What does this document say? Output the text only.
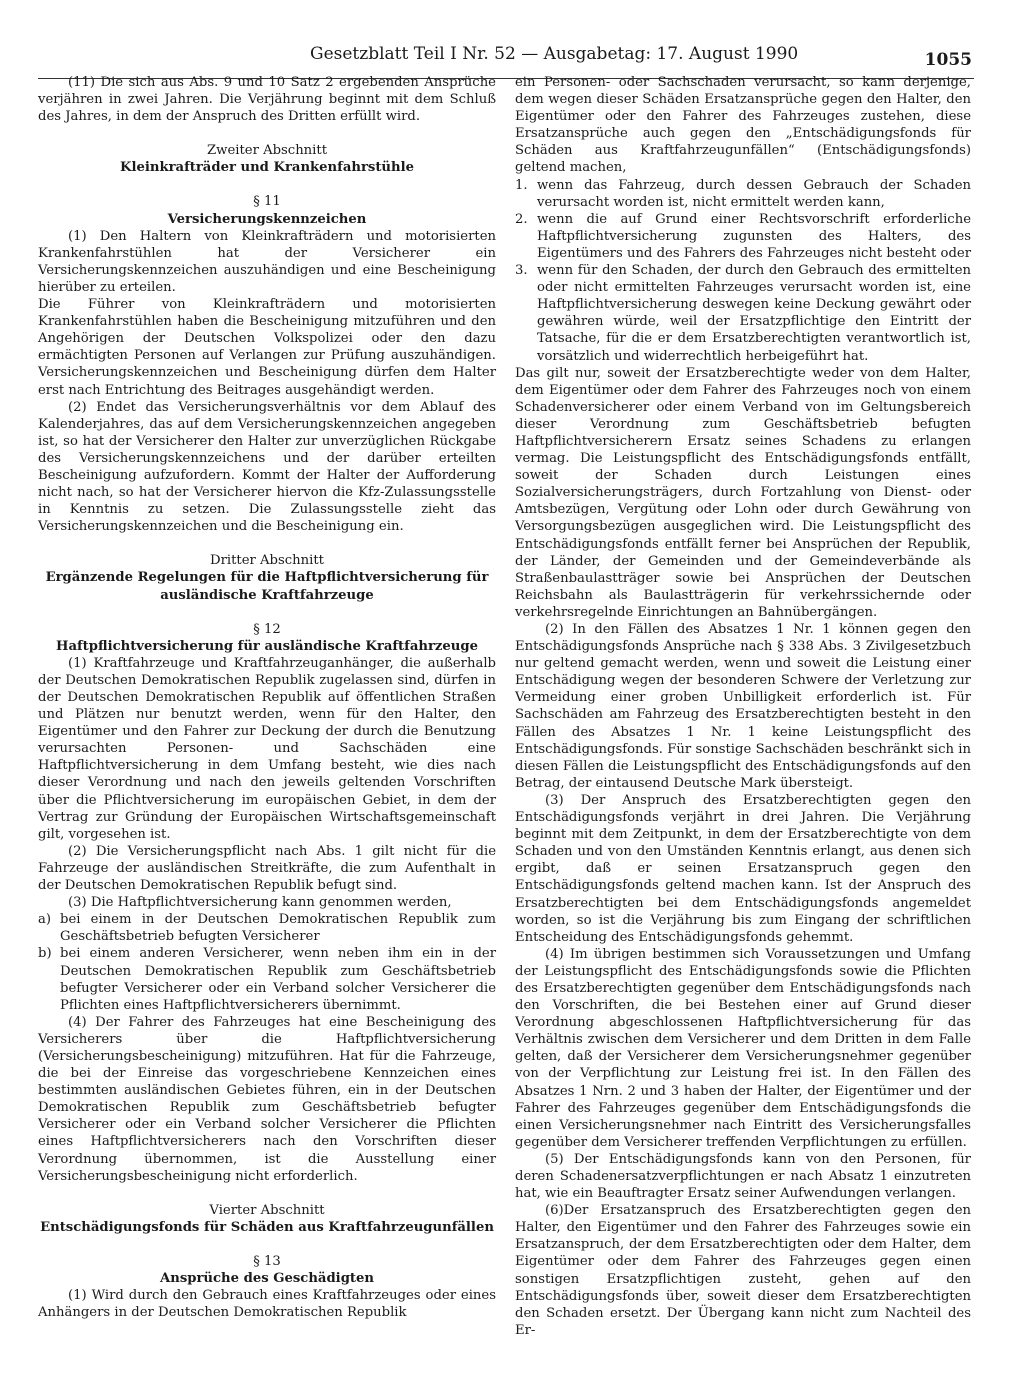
Gesetzblatt Teil I Nr. 52 — Ausgabetag: 17. August 1990	1055

(11) Die sich aus Abs. 9 und 10 Satz 2 ergebenden Ansprüche verjähren in zwei Jahren. Die Verjährung beginnt mit dem Schluß des Jahres, in dem der Anspruch des Dritten erfüllt wird.

Zweiter Abschnitt

Kleinkrafträder und Krankenfahrstühle

§ 11

Versicherungskennzeichen

(1) Den Haltern von Kleinkrafträdern und motorisierten Krankenfahrstühlen hat der Versicherer ein Versicherungskennzeichen auszuhändigen und eine Bescheinigung hierüber zu erteilen.

Die Führer von Kleinkrafträdern und motorisierten Krankenfahrstühlen haben die Bescheinigung mitzuführen und den Angehörigen der Deutschen Volkspolizei oder den dazu ermächtigten Personen auf Verlangen zur Prüfung auszuhändigen. Versicherungskennzeichen und Bescheinigung dürfen dem Halter erst nach Entrichtung des Beitrages ausgehändigt werden.

(2) Endet das Versicherungsverhältnis vor dem Ablauf des Kalenderjahres, das auf dem Versicherungskennzeichen angegeben ist, so hat der Versicherer den Halter zur unverzüglichen Rückgabe des Versicherungskennzeichens und der darüber erteilten Bescheinigung aufzufordern. Kommt der Halter der Aufforderung nicht nach, so hat der Versicherer hiervon die Kfz-Zulassungsstelle in Kenntnis zu setzen. Die Zulassungsstelle zieht das Versicherungskennzeichen und die Bescheinigung ein.

Dritter Abschnitt

Ergänzende Regelungen für die Haftpflichtversicherung für ausländische Kraftfahrzeuge

§ 12

Haftpflichtversicherung für ausländische Kraftfahrzeuge

(1) Kraftfahrzeuge und Kraftfahrzeuganhänger, die außerhalb der Deutschen Demokratischen Republik zugelassen sind, dürfen in der Deutschen Demokratischen Republik auf öffentlichen Straßen und Plätzen nur benutzt werden, wenn für den Halter, den Eigentümer und den Fahrer zur Deckung der durch die Benutzung verursachten Personen- und Sachschäden eine Haftpflichtversicherung in dem Umfang besteht, wie dies nach dieser Verordnung und nach den jeweils geltenden Vorschriften über die Pflichtversicherung im europäischen Gebiet, in dem der Vertrag zur Gründung der Europäischen Wirtschaftsgemeinschaft gilt, vorgesehen ist.

(2) Die Versicherungspflicht nach Abs. 1 gilt nicht für die Fahrzeuge der ausländischen Streitkräfte, die zum Aufenthalt in der Deutschen Demokratischen Republik befugt sind.

(3) Die Haftpflichtversicherung kann genommen werden,

a) bei einem in der Deutschen Demokratischen Republik zum Geschäftsbetrieb befugten Versicherer
b) bei einem anderen Versicherer, wenn neben ihm ein in der Deutschen Demokratischen Republik zum Geschäftsbetrieb befugter Versicherer oder ein Verband solcher Versicherer die Pflichten eines Haftpflichtversicherers übernimmt.

(4) Der Fahrer des Fahrzeuges hat eine Bescheinigung des Versicherers über die Haftpflichtversicherung (Versicherungsbescheinigung) mitzuführen. Hat für die Fahrzeuge, die bei der Einreise das vorgeschriebene Kennzeichen eines bestimmten ausländischen Gebietes führen, ein in der Deutschen Demokratischen Republik zum Geschäftsbetrieb befugter Versicherer oder ein Verband solcher Versicherer die Pflichten eines Haftpflichtversicherers nach den Vorschriften dieser Verordnung übernommen, ist die Ausstellung einer Versicherungsbescheinigung nicht erforderlich.

Vierter Abschnitt

Entschädigungsfonds für Schäden aus Kraftfahrzeugunfällen

§ 13

Ansprüche des Geschädigten

(1) Wird durch den Gebrauch eines Kraftfahrzeuges oder eines Anhängers in der Deutschen Demokratischen Republik

ein Personen- oder Sachschaden verursacht, so kann derjenige, dem wegen dieser Schäden Ersatzansprüche gegen den Halter, den Eigentümer oder den Fahrer des Fahrzeuges zustehen, diese Ersatzansprüche auch gegen den „Entschädigungsfonds für Schäden aus Kraftfahrzeugunfällen“ (Entschädigungsfonds) geltend machen,

1. wenn das Fahrzeug, durch dessen Gebrauch der Schaden verursacht worden ist, nicht ermittelt werden kann,
2. wenn die auf Grund einer Rechtsvorschrift erforderliche Haftpflichtversicherung zugunsten des Halters, des Eigentümers und des Fahrers des Fahrzeuges nicht besteht oder
3. wenn für den Schaden, der durch den Gebrauch des ermittelten oder nicht ermittelten Fahrzeuges verursacht worden ist, eine Haftpflichtversicherung deswegen keine Deckung gewährt oder gewähren würde, weil der Ersatzpflichtige den Eintritt der Tatsache, für die er dem Ersatzberechtigten verantwortlich ist, vorsätzlich und widerrechtlich herbeigeführt hat.

Das gilt nur, soweit der Ersatzberechtigte weder von dem Halter, dem Eigentümer oder dem Fahrer des Fahrzeuges noch von einem Schadenversicherer oder einem Verband von im Geltungsbereich dieser Verordnung zum Geschäftsbetrieb befugten Haftpflichtversicherern Ersatz seines Schadens zu erlangen vermag. Die Leistungspflicht des Entschädigungsfonds entfällt, soweit der Schaden durch Leistungen eines Sozialversicherungsträgers, durch Fortzahlung von Dienst- oder Amtsbezügen, Vergütung oder Lohn oder durch Gewährung von Versorgungsbezügen ausgeglichen wird. Die Leistungspflicht des Entschädigungsfonds entfällt ferner bei Ansprüchen der Republik, der Länder, der Gemeinden und der Gemeindeverbände als Straßenbaulastträger sowie bei Ansprüchen der Deutschen Reichsbahn als Baulastträgerin für verkehrssichernde oder verkehrsregelnde Einrichtungen an Bahnübergängen.

(2) In den Fällen des Absatzes 1 Nr. 1 können gegen den Entschädigungsfonds Ansprüche nach § 338 Abs. 3 Zivilgesetzbuch nur geltend gemacht werden, wenn und soweit die Leistung einer Entschädigung wegen der besonderen Schwere der Verletzung zur Vermeidung einer groben Unbilligkeit erforderlich ist. Für Sachschäden am Fahrzeug des Ersatzberechtigten besteht in den Fällen des Absatzes 1 Nr. 1 keine Leistungspflicht des Entschädigungsfonds. Für sonstige Sachschäden beschränkt sich in diesen Fällen die Leistungspflicht des Entschädigungsfonds auf den Betrag, der eintausend Deutsche Mark übersteigt.

(3) Der Anspruch des Ersatzberechtigten gegen den Entschädigungsfonds verjährt in drei Jahren. Die Verjährung beginnt mit dem Zeitpunkt, in dem der Ersatzberechtigte von dem Schaden und von den Umständen Kenntnis erlangt, aus denen sich ergibt, daß er seinen Ersatzanspruch gegen den Entschädigungsfonds geltend machen kann. Ist der Anspruch des Ersatzberechtigten bei dem Entschädigungsfonds angemeldet worden, so ist die Verjährung bis zum Eingang der schriftlichen Entscheidung des Entschädigungsfonds gehemmt.

(4) Im übrigen bestimmen sich Voraussetzungen und Umfang der Leistungspflicht des Entschädigungsfonds sowie die Pflichten des Ersatzberechtigten gegenüber dem Entschädigungsfonds nach den Vorschriften, die bei Bestehen einer auf Grund dieser Verordnung abgeschlossenen Haftpflichtversicherung für das Verhältnis zwischen dem Versicherer und dem Dritten in dem Falle gelten, daß der Versicherer dem Versicherungsnehmer gegenüber von der Verpflichtung zur Leistung frei ist. In den Fällen des Absatzes 1 Nrn. 2 und 3 haben der Halter, der Eigentümer und der Fahrer des Fahrzeuges gegenüber dem Entschädigungsfonds die einen Versicherungsnehmer nach Eintritt des Versicherungsfalles gegenüber dem Versicherer treffenden Verpflichtungen zu erfüllen.

(5) Der Entschädigungsfonds kann von den Personen, für deren Schadenersatzverpflichtungen er nach Absatz 1 einzutreten hat, wie ein Beauftragter Ersatz seiner Aufwendungen verlangen.

(6)Der Ersatzanspruch des Ersatzberechtigten gegen den Halter, den Eigentümer und den Fahrer des Fahrzeuges sowie ein Ersatzanspruch, der dem Ersatzberechtigten oder dem Halter, dem Eigentümer oder dem Fahrer des Fahrzeuges gegen einen sonstigen Ersatzpflichtigen zusteht, gehen auf den Entschädigungsfonds über, soweit dieser dem Ersatzberechtigten den Schaden ersetzt. Der Übergang kann nicht zum Nachteil des Er-
